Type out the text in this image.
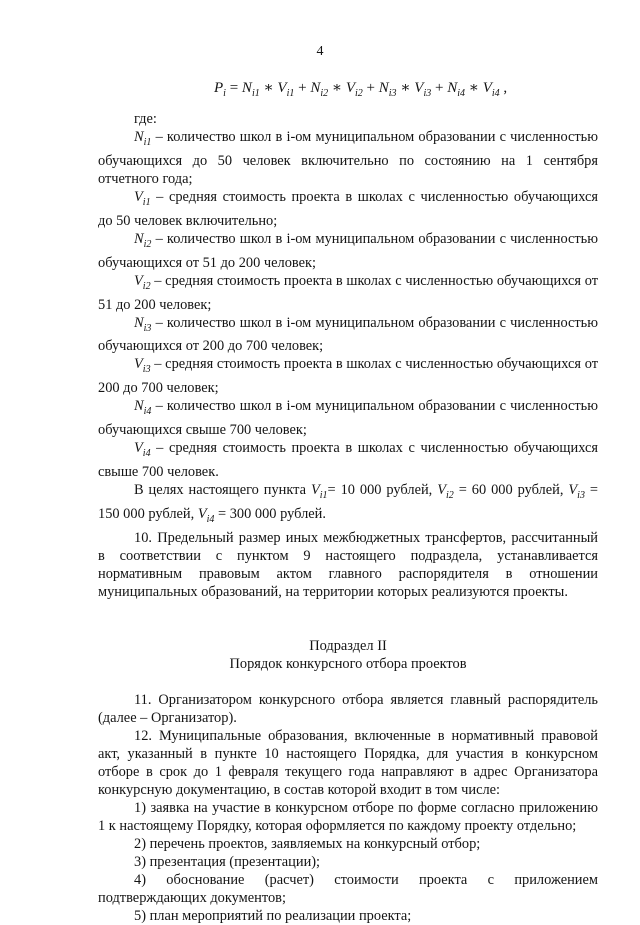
4
$P_i = N_{i1}$ ∗ $V_{i1} + N_{i2}$ ∗ $V_{i2} + N_{i3}$ ∗ $V_{i3} + N_{i4}$ ∗ $V_{i4}$ ,

где:

$N_{i1}$ – количество школ в i-ом муниципальном образовании с численностью обучающихся до 50 человек включительно по состоянию на 1 сентября отчетного года;

$V_{i1}$ – средняя стоимость проекта в школах с численностью обучающихся до 50 человек включительно;

$N_{i2}$ – количество школ в i-ом муниципальном образовании с численностью обучающихся от 51 до 200 человек;

$V_{i2}$ – средняя стоимость проекта в школах с численностью обучающихся от 51 до 200 человек;

$N_{i3}$ – количество школ в i-ом муниципальном образовании с численностью обучающихся от 200 до 700 человек;

$V_{i3}$ – средняя стоимость проекта в школах с численностью обучающихся от 200 до 700 человек;

$N_{i4}$ – количество школ в i-ом муниципальном образовании с численностью обучающихся свыше 700 человек;

$V_{i4}$ – средняя стоимость проекта в школах с численностью обучающихся свыше 700 человек.

В целях настоящего пункта $V_{i1}= 10$ 000 рублей, $V_{i2} = 60$ 000 рублей, $V_{i3} = 150$ 000 рублей, $V_{i4} = 300$ 000 рублей.

10. Предельный размер иных межбюджетных трансфертов, рассчитанный в соответствии с пунктом 9 настоящего подраздела, устанавливается нормативным правовым актом главного распорядителя в отношении муниципальных образований, на территории которых реализуются проекты.

Подраздел II

Порядок конкурсного отбора проектов

11. Организатором конкурсного отбора является главный распорядитель (далее – Организатор).

12. Муниципальные образования, включенные в нормативный правовой акт, указанный в пункте 10 настоящего Порядка, для участия в конкурсном отборе в срок до 1 февраля текущего года направляют в адрес Организатора конкурсную документацию, в состав которой входит в том числе:

1) заявка на участие в конкурсном отборе по форме согласно приложению 1 к настоящему Порядку, которая оформляется по каждому проекту отдельно;

2) перечень проектов, заявляемых на конкурсный отбор;

3) презентация (презентации);

4) обоснование (расчет) стоимости проекта с приложением подтверждающих документов;

5) план мероприятий по реализации проекта;
